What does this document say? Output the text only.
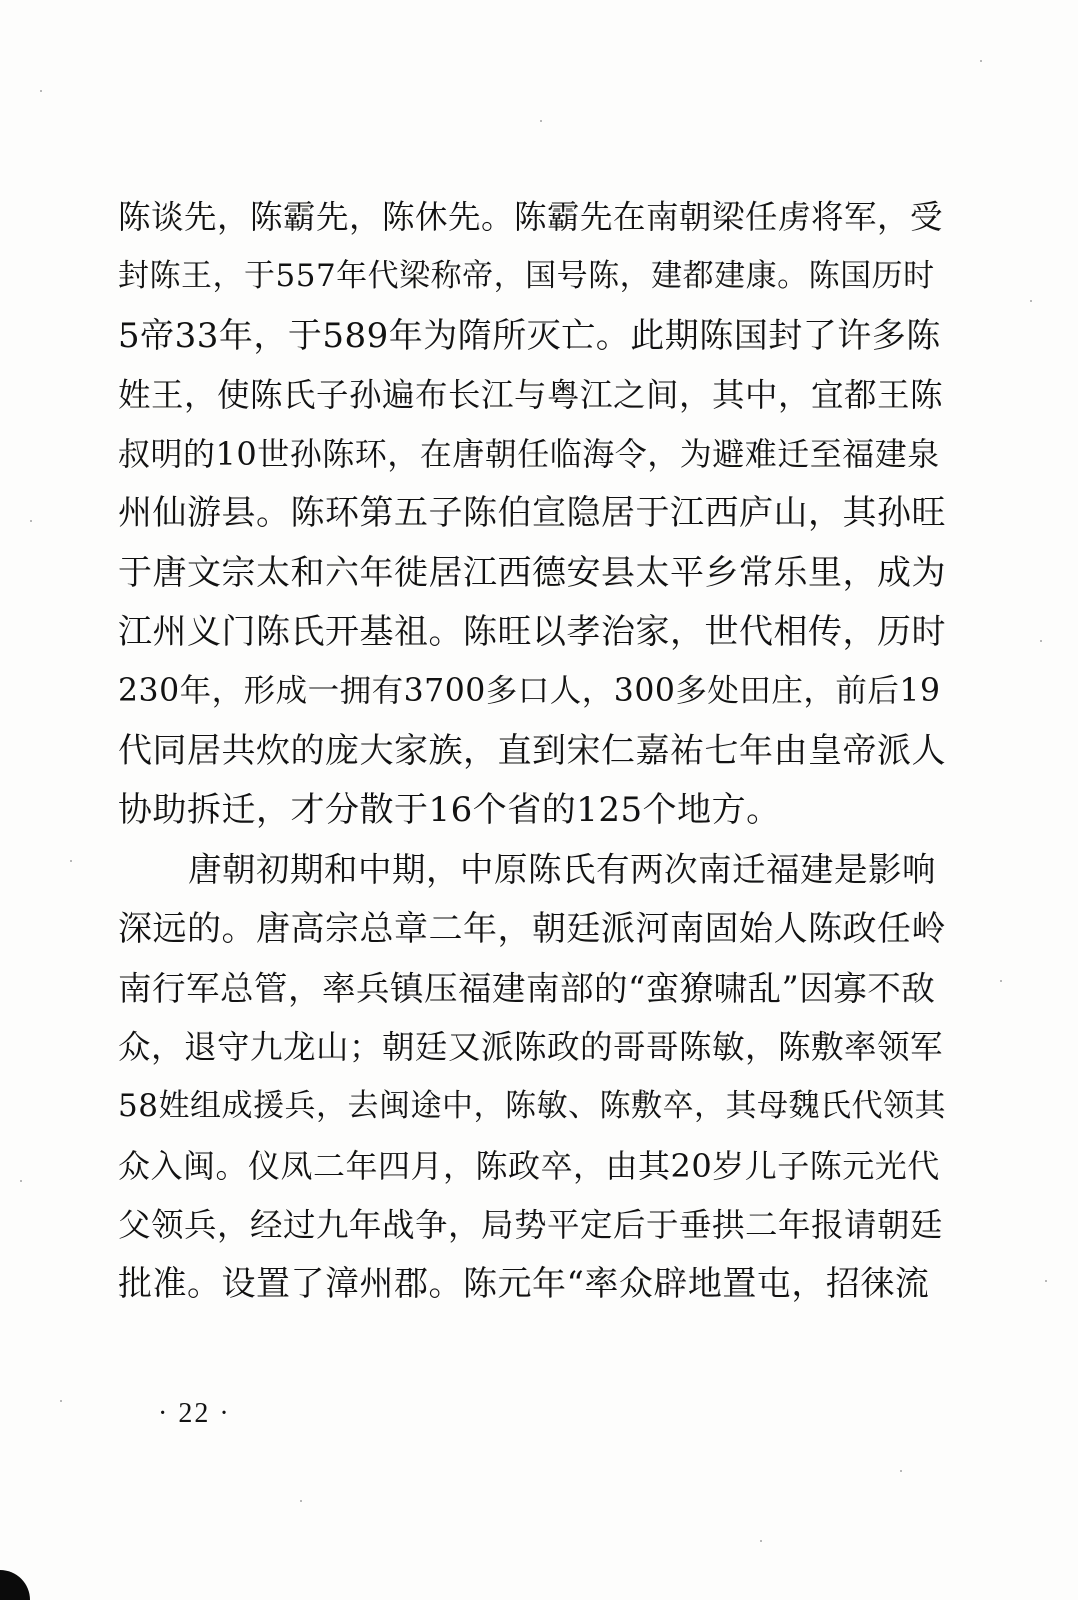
陈谈先，陈霸先，陈休先。陈霸先在南朝梁任虏将军，受
封陈王，于557年代梁称帝，国号陈，建都建康。陈国历时
5帝33年，于589年为隋所灭亡。此期陈国封了许多陈
姓王，使陈氏子孙遍布长江与粤江之间，其中，宜都王陈
叔明的10世孙陈环，在唐朝任临海令，为避难迁至福建泉
州仙游县。陈环第五子陈伯宣隐居于江西庐山，其孙旺
于唐文宗太和六年徙居江西德安县太平乡常乐里，成为
江州义门陈氏开基祖。陈旺以孝治家，世代相传，历时
230年，形成一拥有3700多口人，300多处田庄，前后19
代同居共炊的庞大家族，直到宋仁嘉祐七年由皇帝派人
协助拆迁，才分散于16个省的125个地方。
唐朝初期和中期，中原陈氏有两次南迁福建是影响
深远的。唐高宗总章二年，朝廷派河南固始人陈政任岭
南行军总管，率兵镇压福建南部的“蛮獠啸乱”因寡不敌
众，退守九龙山；朝廷又派陈政的哥哥陈敏，陈敷率领军
58姓组成援兵，去闽途中，陈敏、陈敷卒，其母魏氏代领其
众入闽。仪凤二年四月，陈政卒，由其20岁儿子陈元光代
父领兵，经过九年战争，局势平定后于垂拱二年报请朝廷
批准。设置了漳州郡。陈元年“率众辟地置屯，招徕流
· 22 ·
